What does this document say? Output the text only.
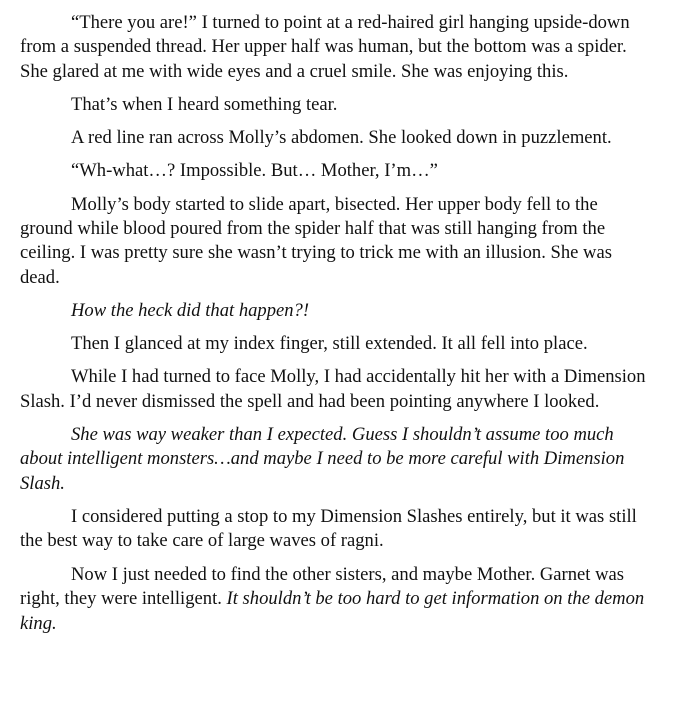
“There you are!” I turned to point at a red-haired girl hanging upside-down from a suspended thread. Her upper half was human, but the bottom was a spider. She glared at me with wide eyes and a cruel smile. She was enjoying this.

That’s when I heard something tear.

A red line ran across Molly’s abdomen. She looked down in puzzlement.

“Wh-what…? Impossible. But… Mother, I’m…”

Molly’s body started to slide apart, bisected. Her upper body fell to the ground while blood poured from the spider half that was still hanging from the ceiling. I was pretty sure she wasn’t trying to trick me with an illusion. She was dead.

How the heck did that happen?!

Then I glanced at my index finger, still extended. It all fell into place.

While I had turned to face Molly, I had accidentally hit her with a Dimension Slash. I’d never dismissed the spell and had been pointing anywhere I looked.

She was way weaker than I expected. Guess I shouldn’t assume too much about intelligent monsters…and maybe I need to be more careful with Dimension Slash.

I considered putting a stop to my Dimension Slashes entirely, but it was still the best way to take care of large waves of ragni.

Now I just needed to find the other sisters, and maybe Mother. Garnet was right, they were intelligent. It shouldn’t be too hard to get information on the demon king.
